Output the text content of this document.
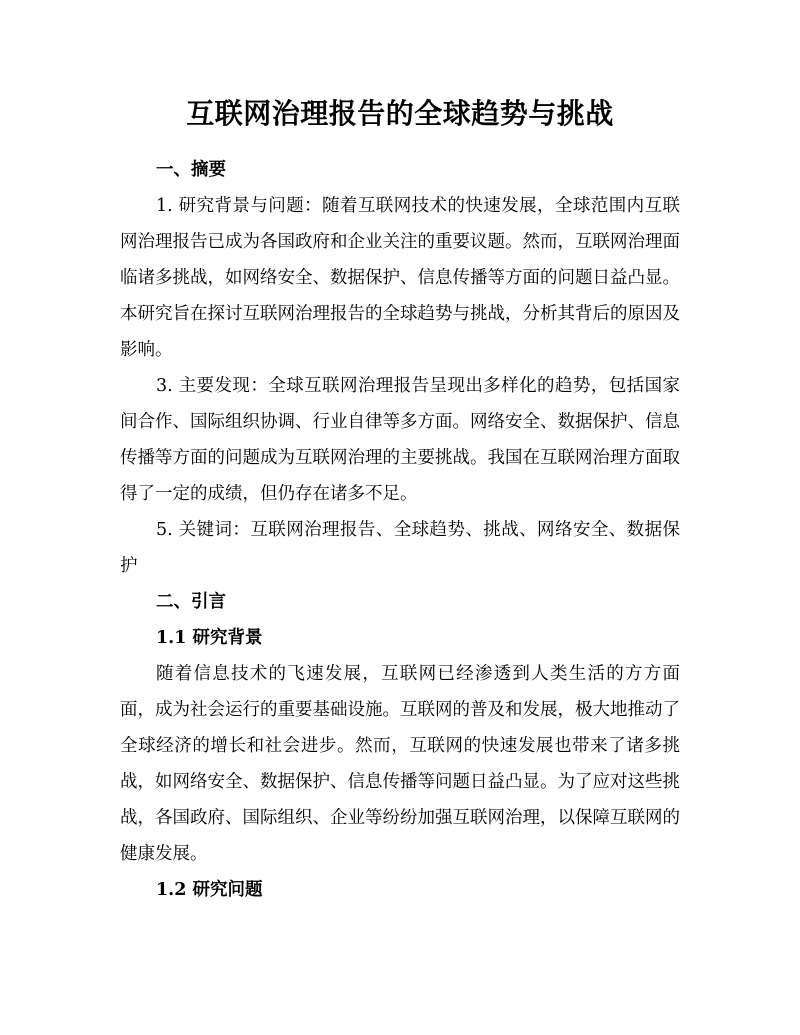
互联网治理报告的全球趋势与挑战
一、摘要

1. 研究背景与问题：随着互联网技术的快速发展，全球范围内互联网治理报告已成为各国政府和企业关注的重要议题。然而，互联网治理面临诸多挑战，如网络安全、数据保护、信息传播等方面的问题日益凸显。本研究旨在探讨互联网治理报告的全球趋势与挑战，分析其背后的原因及影响。

3. 主要发现：全球互联网治理报告呈现出多样化的趋势，包括国家间合作、国际组织协调、行业自律等多方面。网络安全、数据保护、信息传播等方面的问题成为互联网治理的主要挑战。我国在互联网治理方面取得了一定的成绩，但仍存在诸多不足。

5. 关键词：互联网治理报告、全球趋势、挑战、网络安全、数据保护

二、引言
1.1 研究背景

随着信息技术的飞速发展，互联网已经渗透到人类生活的方方面面，成为社会运行的重要基础设施。互联网的普及和发展，极大地推动了全球经济的增长和社会进步。然而，互联网的快速发展也带来了诸多挑战，如网络安全、数据保护、信息传播等问题日益凸显。为了应对这些挑战，各国政府、国际组织、企业等纷纷加强互联网治理，以保障互联网的健康发展。

1.2 研究问题
